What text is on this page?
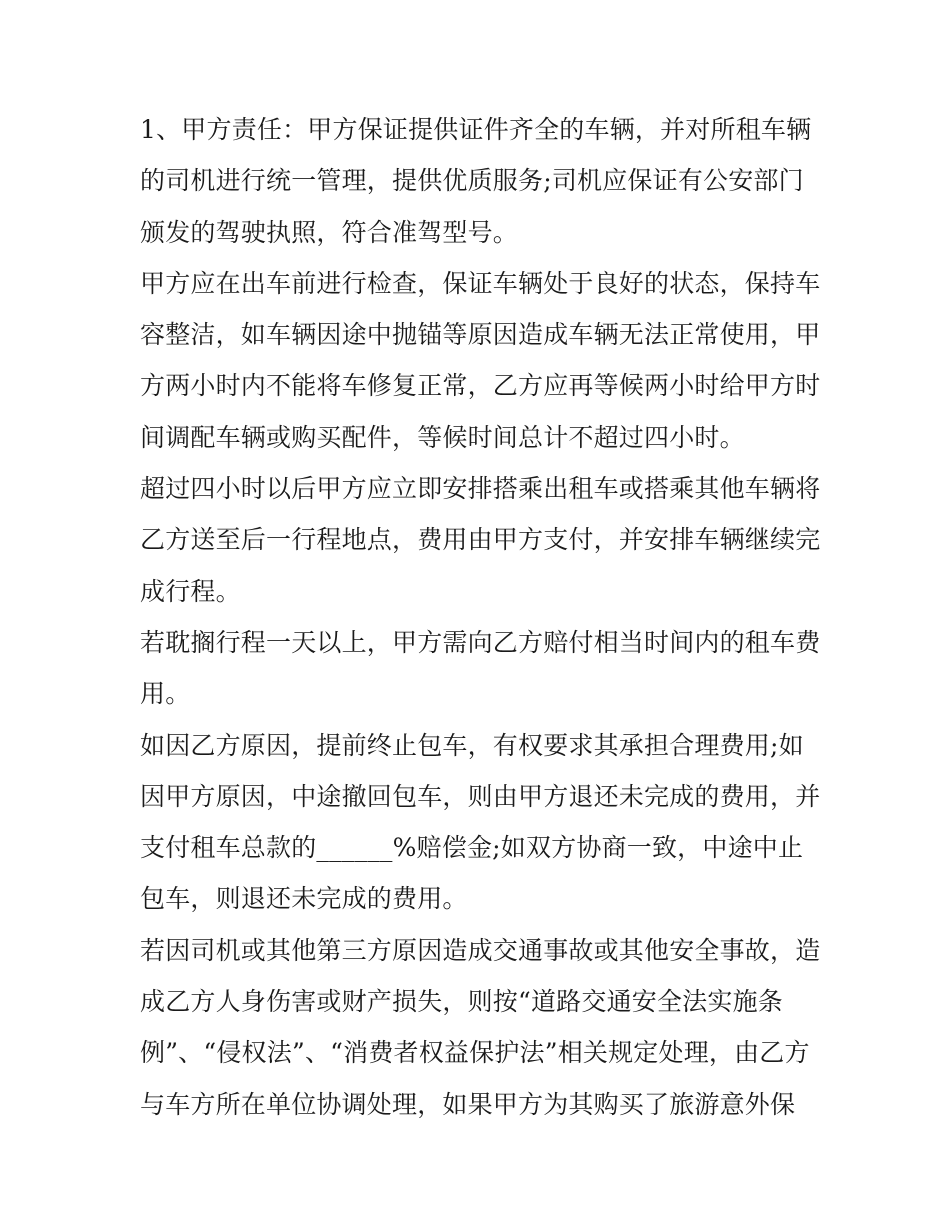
1、甲方责任：甲方保证提供证件齐全的车辆，并对所租车辆
的司机进行统一管理，提供优质服务;司机应保证有公安部门
颁发的驾驶执照，符合准驾型号。
甲方应在出车前进行检查，保证车辆处于良好的状态，保持车
容整洁，如车辆因途中抛锚等原因造成车辆无法正常使用，甲
方两小时内不能将车修复正常，乙方应再等候两小时给甲方时
间调配车辆或购买配件，等候时间总计不超过四小时。
超过四小时以后甲方应立即安排搭乘出租车或搭乘其他车辆将
乙方送至后一行程地点，费用由甲方支付，并安排车辆继续完
成行程。
若耽搁行程一天以上，甲方需向乙方赔付相当时间内的租车费
用。
如因乙方原因，提前终止包车，有权要求其承担合理费用;如
因甲方原因，中途撤回包车，则由甲方退还未完成的费用，并
支付租车总款的______%赔偿金;如双方协商一致，中途中止
包车，则退还未完成的费用。
若因司机或其他第三方原因造成交通事故或其他安全事故，造
成乙方人身伤害或财产损失，则按“道路交通安全法实施条
例”、“侵权法”、“消费者权益保护法”相关规定处理，由乙方
与车方所在单位协调处理，如果甲方为其购买了旅游意外保
